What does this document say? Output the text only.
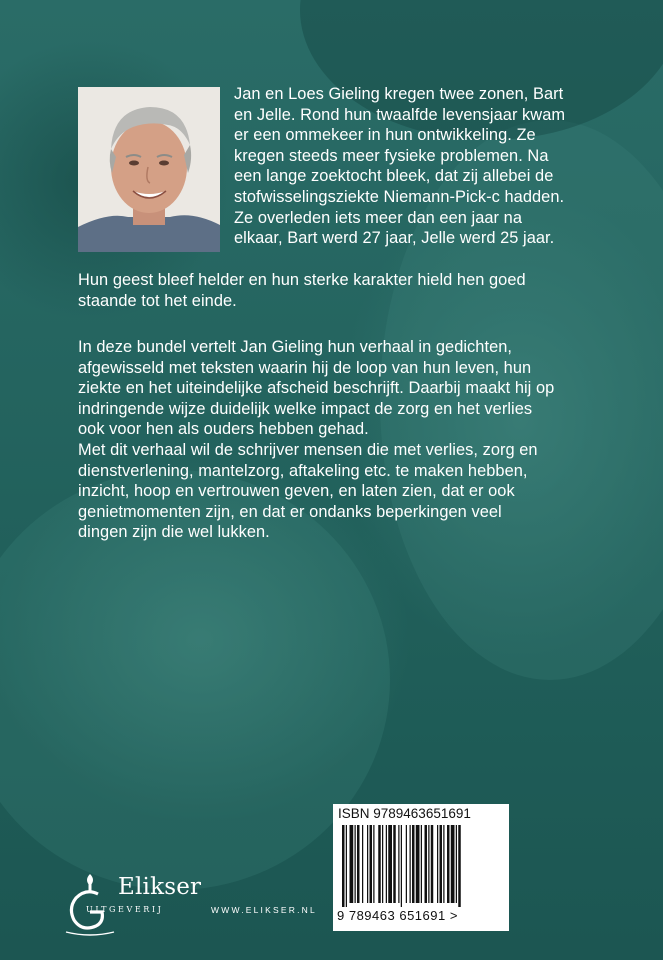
Jan en Loes Gieling kregen twee zonen, Bart
en Jelle. Rond hun twaalfde levensjaar kwam
er een ommekeer in hun ontwikkeling. Ze
kregen steeds meer fysieke problemen. Na
een lange zoektocht bleek, dat zij allebei de
stofwisselingsziekte Niemann-Pick-c hadden.
Ze overleden iets meer dan een jaar na
elkaar, Bart werd 27 jaar, Jelle werd 25 jaar.

Hun geest bleef helder en hun sterke karakter hield hen goed
staande tot het einde.

In deze bundel vertelt Jan Gieling hun verhaal in gedichten,
afgewisseld met teksten waarin hij de loop van hun leven, hun
ziekte en het uiteindelijke afscheid beschrijft. Daarbij maakt hij op
indringende wijze duidelijk welke impact de zorg en het verlies
ook voor hen als ouders hebben gehad.
Met dit verhaal wil de schrijver mensen die met verlies, zorg en
dienstverlening, mantelzorg, aftakeling etc. te maken hebben,
inzicht, hoop en vertrouwen geven, en laten zien, dat er ook
genietmomenten zijn, en dat er ondanks beperkingen veel
dingen zijn die wel lukken.

Elikser
UITGEVERIJ	WWW.ELIKSER.NL
ISBN 9789463651691
9 789463 651691 >
